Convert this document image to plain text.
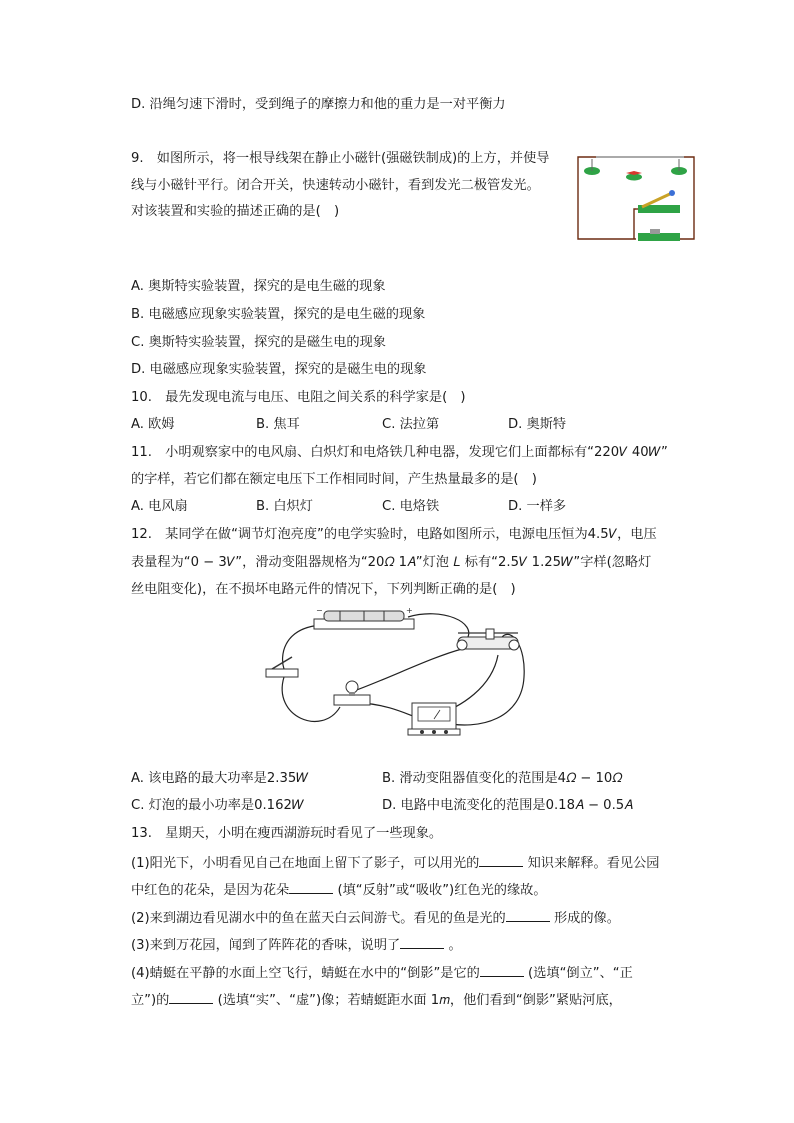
D. 沿绳匀速下滑时，受到绳子的摩擦力和他的重力是一对平衡力
9.　如图所示，将一根导线架在静止小磁针(强磁铁制成)的上方，并使导
线与小磁针平行。闭合开关，快速转动小磁针，看到发光二极管发光。
对该装置和实验的描述正确的是(　)
A. 奥斯特实验装置，探究的是电生磁的现象
B. 电磁感应现象实验装置，探究的是电生磁的现象
C. 奥斯特实验装置，探究的是磁生电的现象
D. 电磁感应现象实验装置，探究的是磁生电的现象
10.　最先发现电流与电压、电阻之间关系的科学家是(　)
A. 欧姆	B. 焦耳	C. 法拉第	D. 奥斯特
11.　小明观察家中的电风扇、白炽灯和电烙铁几种电器，发现它们上面都标有“220𝑉 40𝑊”
的字样，若它们都在额定电压下工作相同时间，产生热量最多的是(　)
A. 电风扇	B. 白炽灯	C. 电烙铁	D. 一样多
12.　某同学在做“调节灯泡亮度”的电学实验时，电路如图所示，电源电压恒为4.5𝑉，电压
表量程为“0 − 3𝑉”，滑动变阻器规格为“20𝛺 1𝐴”灯泡 𝐿 标有“2.5𝑉 1.25𝑊”字样(忽略灯
丝电阻变化)，在不损坏电路元件的情况下，下列判断正确的是(　)
−	+
A. 该电路的最大功率是2.35𝑊	B. 滑动变阻器值变化的范围是4𝛺 − 10𝛺
C. 灯泡的最小功率是0.162𝑊	D. 电路中电流变化的范围是0.18𝐴 − 0.5𝐴
13.　星期天，小明在瘦西湖游玩时看见了一些现象。
(1)阳光下，小明看见自己在地面上留下了影子，可以用光的	知识来解释。看见公园
中红色的花朵，是因为花朵	(填“反射”或“吸收”)红色光的缘故。
(2)来到湖边看见湖水中的鱼在蓝天白云间游弋。看见的鱼是光的	形成的像。
(3)来到万花园，闻到了阵阵花的香味，说明了	。
(4)蜻蜓在平静的水面上空飞行，蜻蜓在水中的“倒影”是它的	(选填“倒立”、“正
立”)的	(选填“实”、“虚”)像；若蜻蜓距水面 1𝑚，他们看到“倒影”紧贴河底，
